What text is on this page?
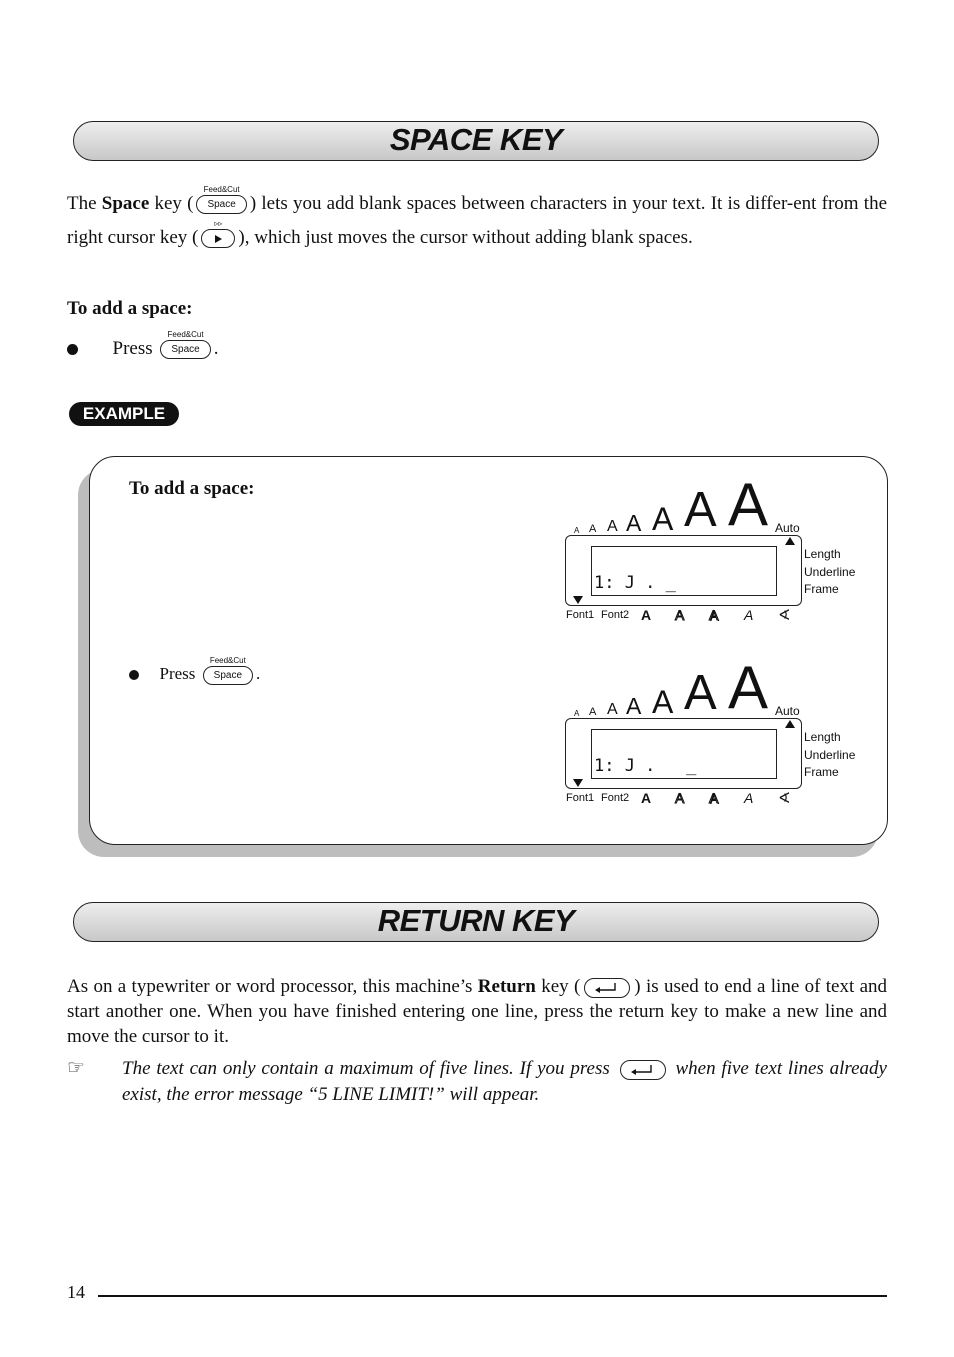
SPACE KEY
The Space key (
Feed&Cut
Space ) lets you add blank spaces between characters in your text. It is differ-ent from the right cursor key (
▹▹
), which just moves the cursor without adding blank spaces.
To add a space:
Press
Feed&Cut
Space .
EXAMPLE
To add a space:
Press
Feed&Cut
Space .
A A A A A A A Auto
1: J . _
Length
Underline
Frame
Font1 Font2 A A A A ∢
A A A A A A A Auto
1: J .   _
Length
Underline
Frame
Font1 Font2 A A A A ∢
RETURN KEY
As on a typewriter or word processor, this machine’s Return key (	) is used to end a line of text and start another one. When you have finished entering one line, press the return key to make a new line and move the cursor to it.
☞ The text can only contain a maximum of five lines. If you press	when five text lines already exist, the error message “5 LINE LIMIT!” will appear.
14
